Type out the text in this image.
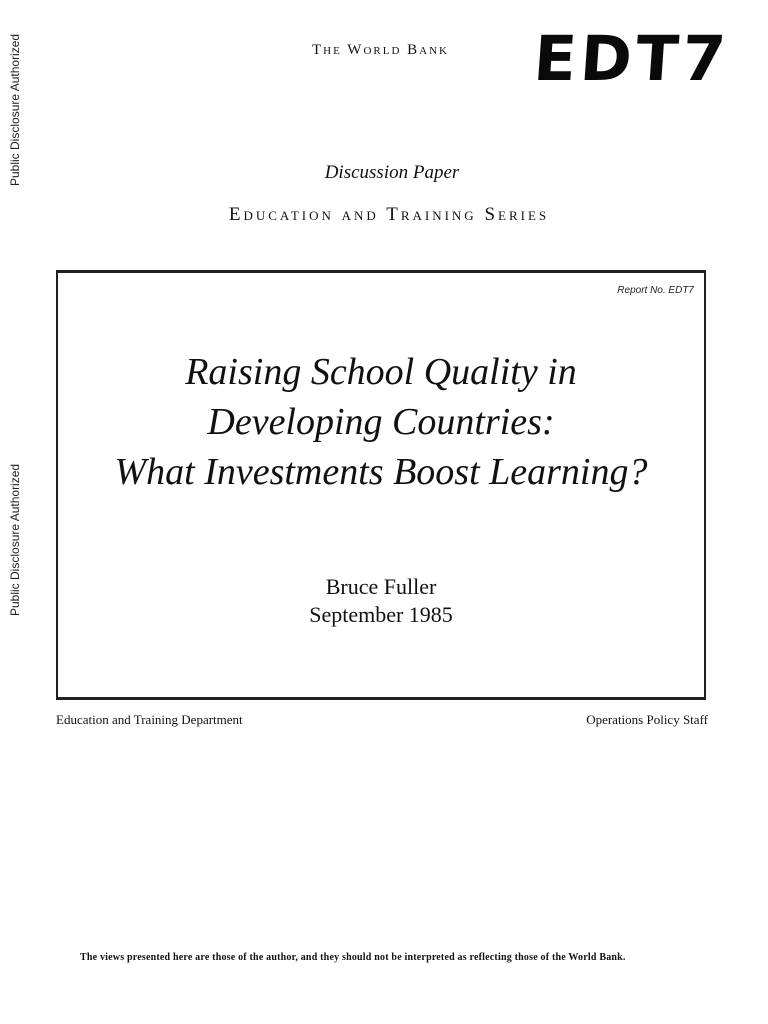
Public Disclosure Authorized
Public Disclosure Authorized
The World Bank EDT7
Discussion Paper
Education and Training Series
Report No. EDT7
Raising School Quality in
Developing Countries:
What Investments Boost Learning?
Bruce Fuller
September 1985
Education and Training Department	Operations Policy Staff
The views presented here are those of the author, and they should not be interpreted as reflecting those of the World Bank.
